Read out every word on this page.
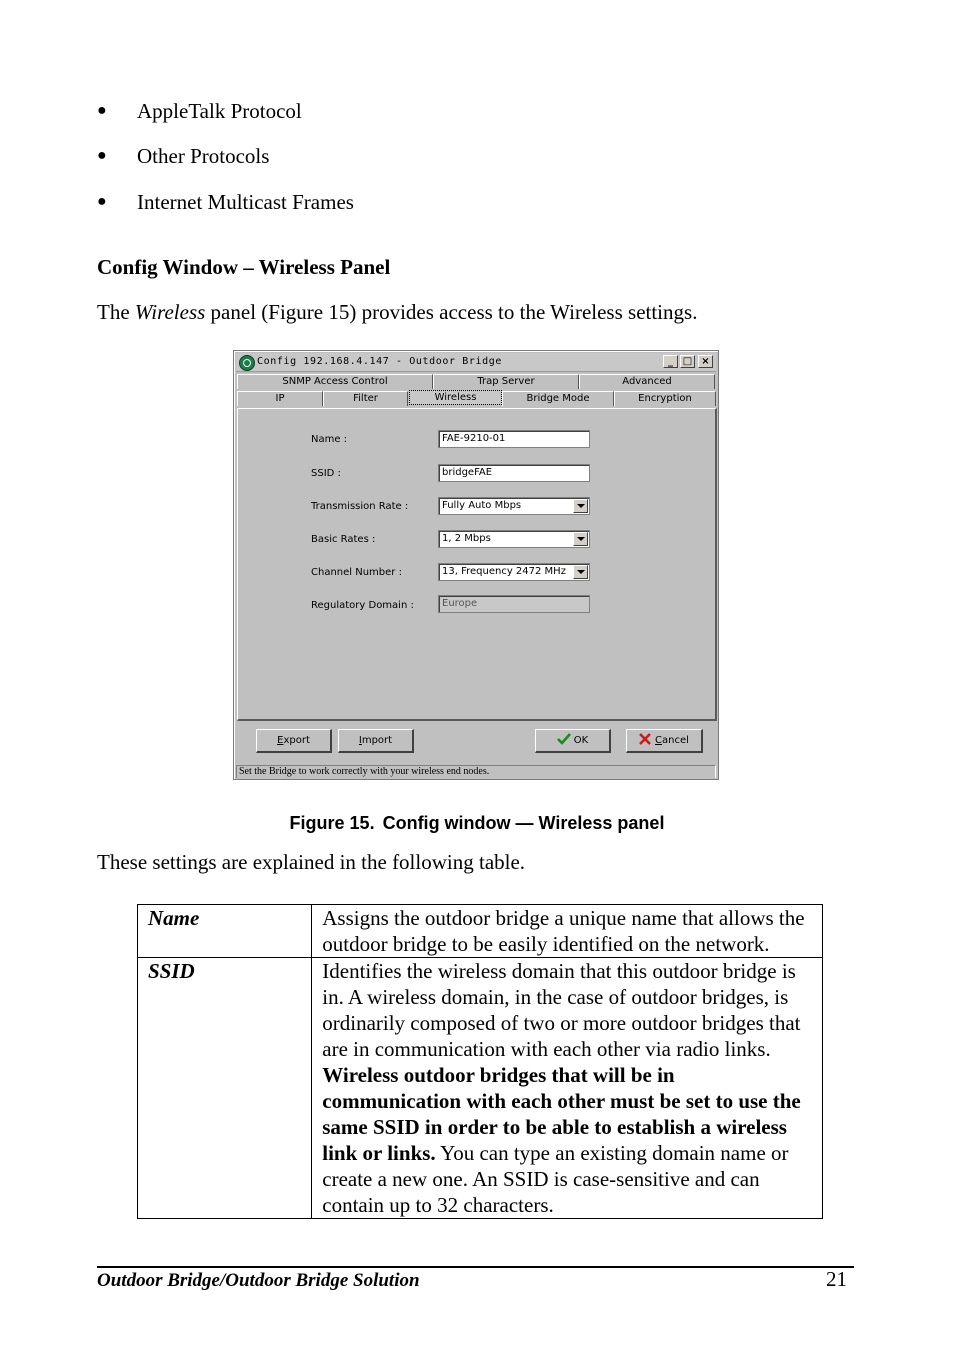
● AppleTalk Protocol
● Other Protocols
● Internet Multicast Frames
Config Window – Wireless Panel
The Wireless panel (Figure 15) provides access to the Wireless settings.
Config 192.168.4.147 - Outdoor Bridge	_ □ ×
SNMP Access Control	Trap Server	Advanced
IP	Filter	Wireless	Bridge Mode	Encryption
Name :	FAE-9210-01
SSID :	bridgeFAE
Transmission Rate :	Fully Auto Mbps
Basic Rates :	1, 2 Mbps
Channel Number :	13, Frequency 2472 MHz
Regulatory Domain :	Europe
Export	Import	OK	Cancel
Set the Bridge to work correctly with your wireless end nodes.
Figure 15. Config window — Wireless panel
These settings are explained in the following table.
Name	Assigns the outdoor bridge a unique name that allows the outdoor bridge to be easily identified on the network.
SSID	Identifies the wireless domain that this outdoor bridge is in. A wireless domain, in the case of outdoor bridges, is ordinarily composed of two or more outdoor bridges that are in communication with each other via radio links. Wireless outdoor bridges that will be in communication with each other must be set to use the same SSID in order to be able to establish a wireless link or links. You can type an existing domain name or create a new one. An SSID is case-sensitive and can contain up to 32 characters.
Outdoor Bridge/Outdoor Bridge Solution	21
